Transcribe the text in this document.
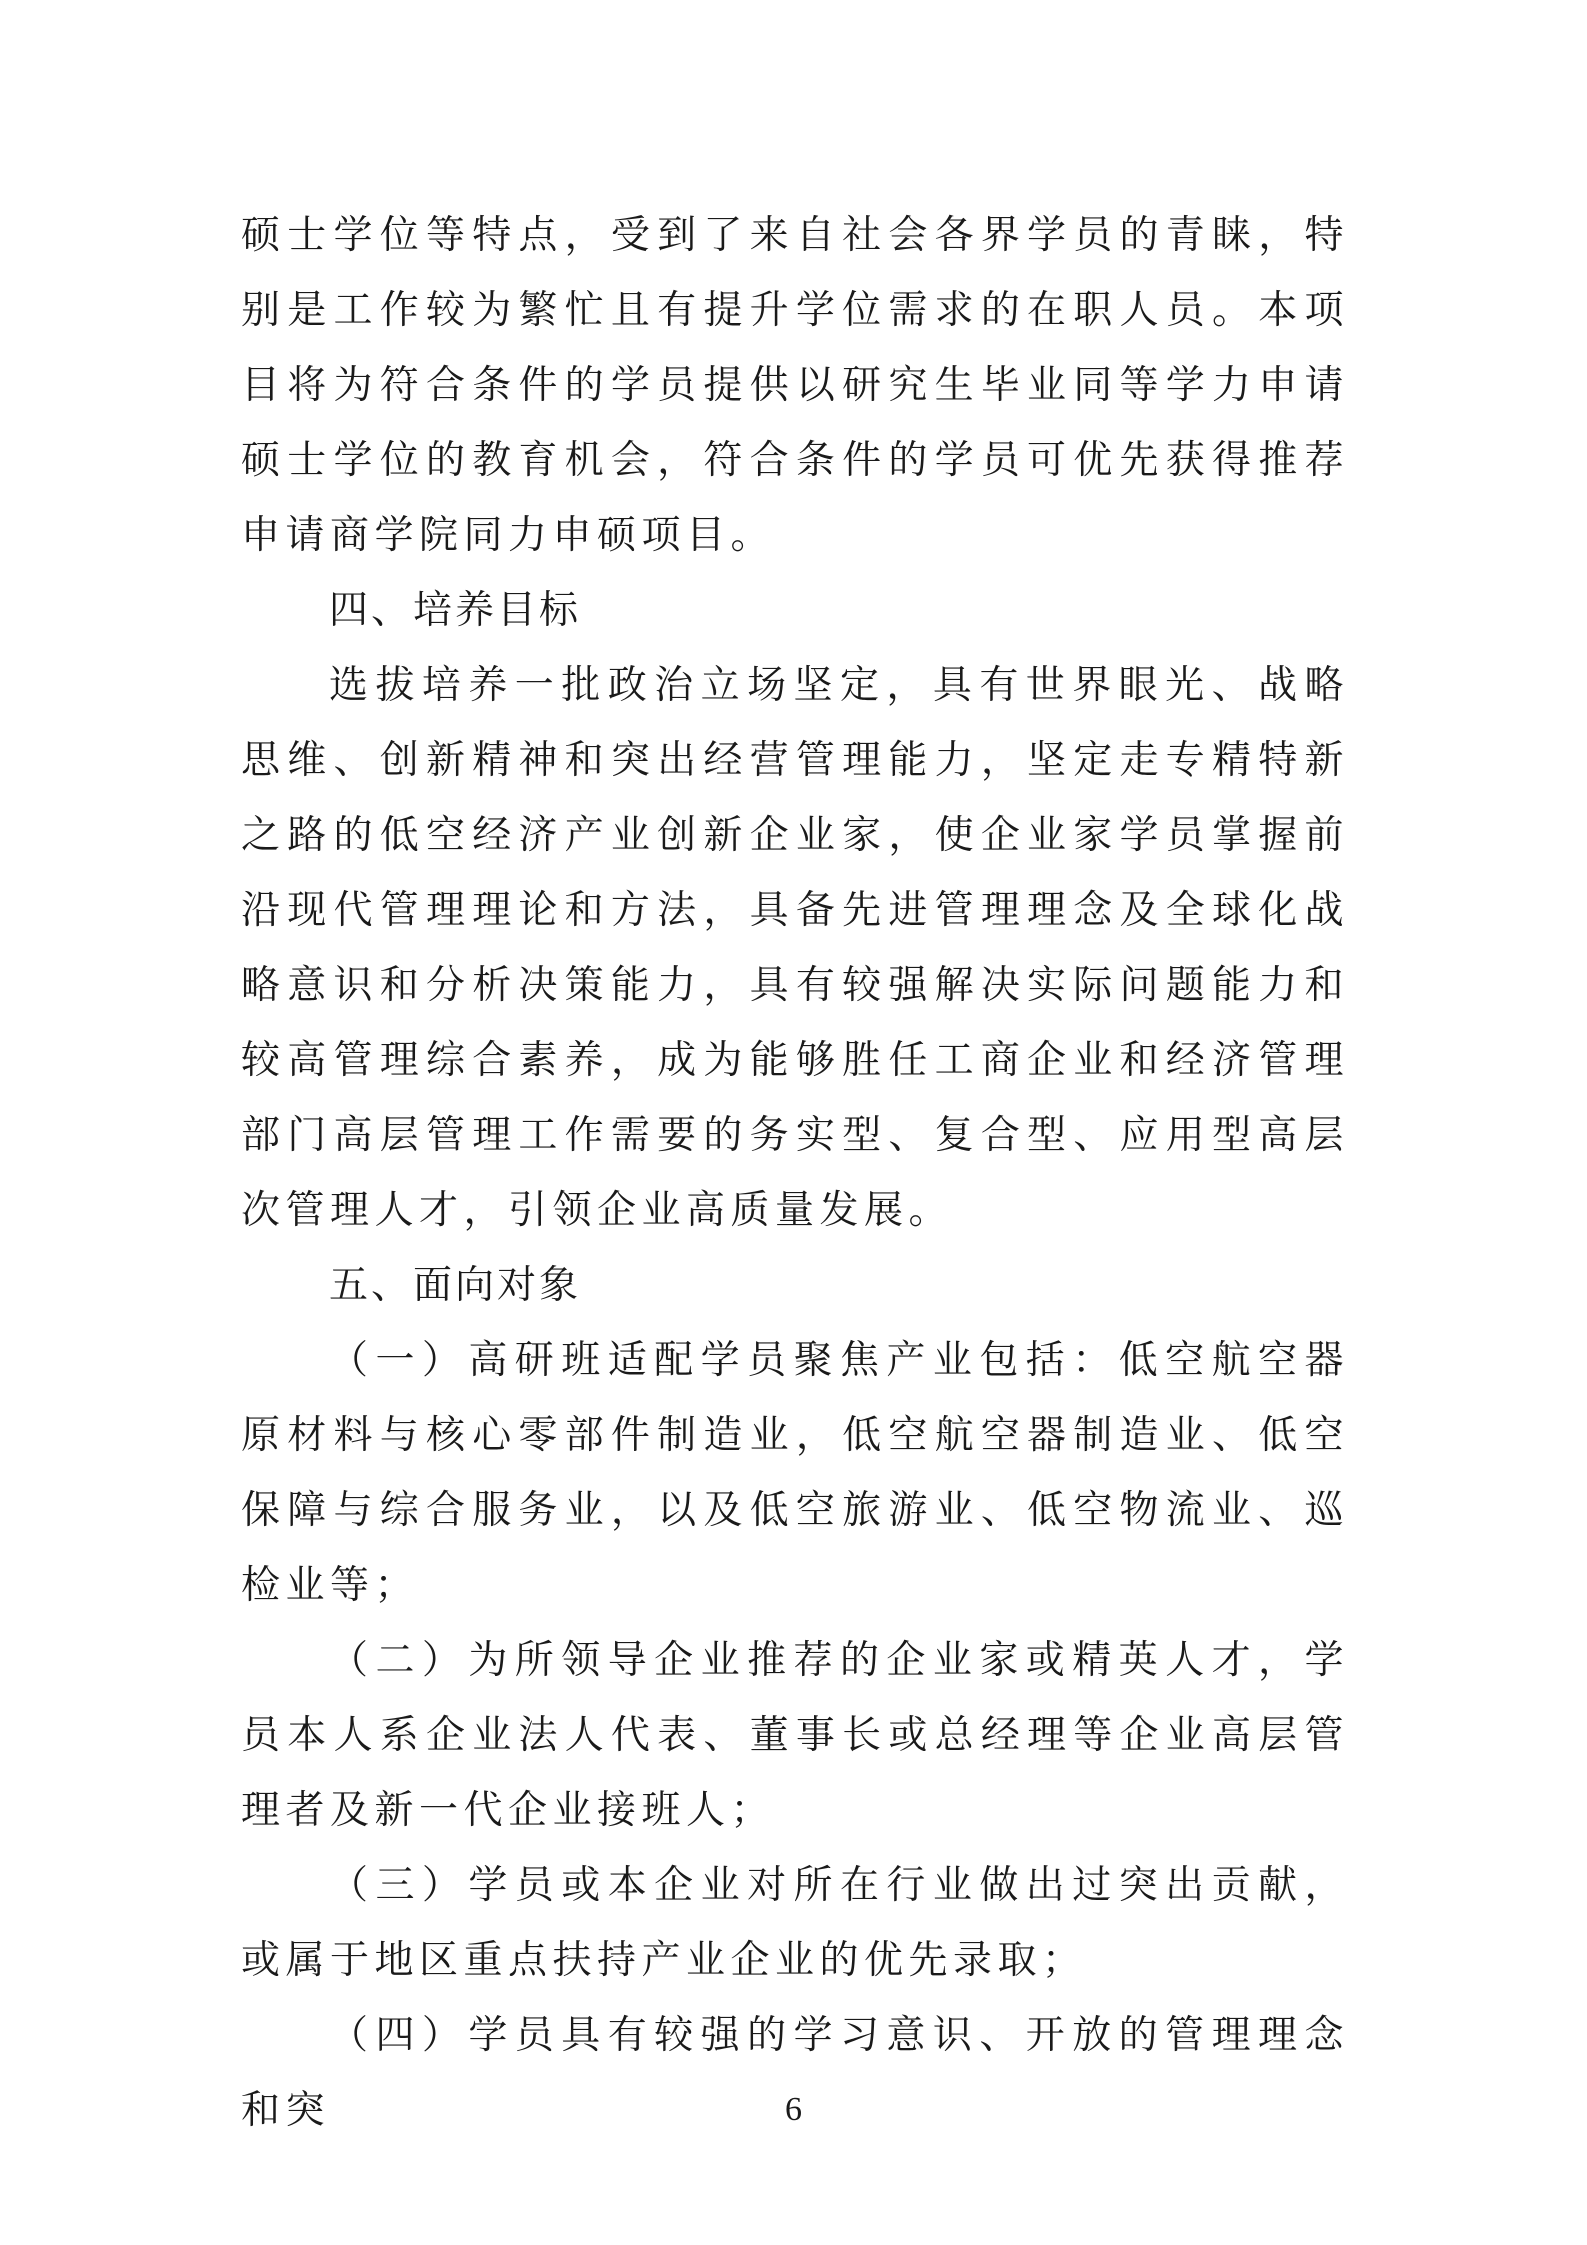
硕士学位等特点，受到了来自社会各界学员的青睐，特别是工作较为繁忙且有提升学位需求的在职人员。本项目将为符合条件的学员提供以研究生毕业同等学力申请硕士学位的教育机会，符合条件的学员可优先获得推荐申请商学院同力申硕项目。

四、培养目标

选拔培养一批政治立场坚定，具有世界眼光、战略思维、创新精神和突出经营管理能力，坚定走专精特新之路的低空经济产业创新企业家，使企业家学员掌握前沿现代管理理论和方法，具备先进管理理念及全球化战略意识和分析决策能力，具有较强解决实际问题能力和较高管理综合素养，成为能够胜任工商企业和经济管理部门高层管理工作需要的务实型、复合型、应用型高层次管理人才，引领企业高质量发展。

五、面向对象

（一）高研班适配学员聚焦产业包括：低空航空器原材料与核心零部件制造业，低空航空器制造业、低空保障与综合服务业，以及低空旅游业、低空物流业、巡检业等；

（二）为所领导企业推荐的企业家或精英人才，学员本人系企业法人代表、董事长或总经理等企业高层管理者及新一代企业接班人；

（三）学员或本企业对所在行业做出过突出贡献，或属于地区重点扶持产业企业的优先录取；

（四）学员具有较强的学习意识、开放的管理理念和突	6
